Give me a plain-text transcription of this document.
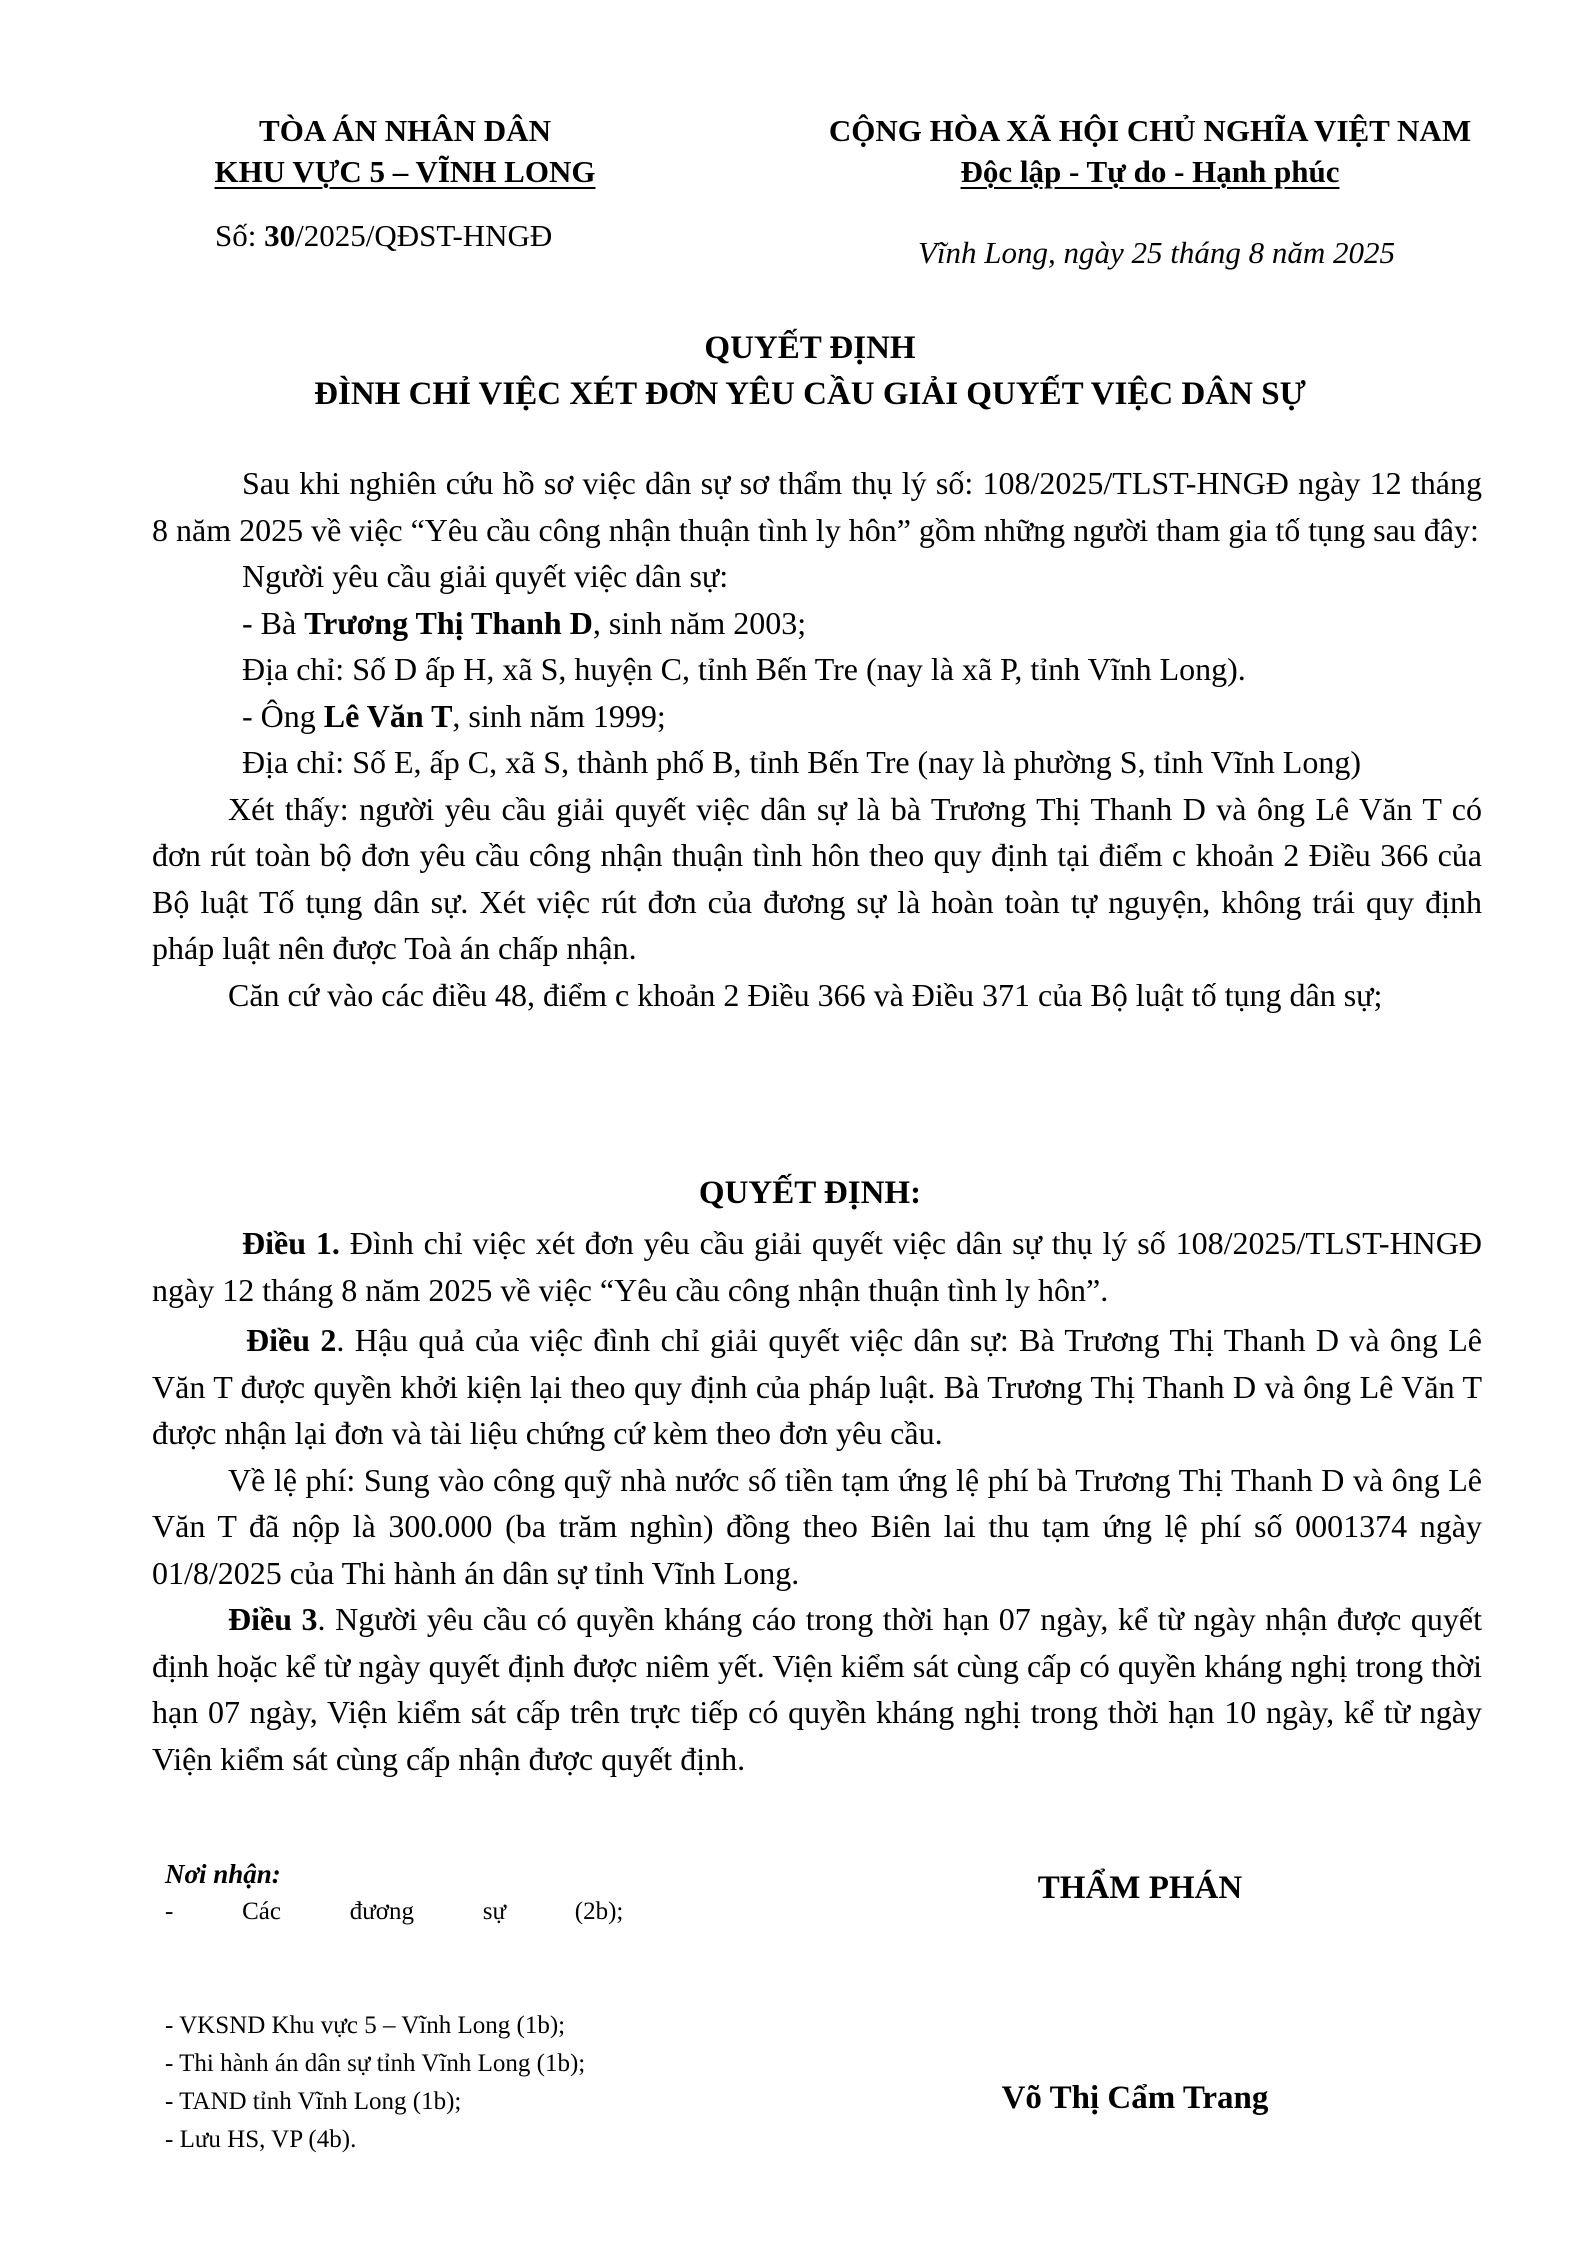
TÒA ÁN NHÂN DÂN
KHU VỰC 5 – VĨNH LONG
Số: 30/2025/QĐST-HNGĐ
CỘNG HÒA XÃ HỘI CHỦ NGHĨA VIỆT NAM
Độc lập - Tự do - Hạnh phúc
Vĩnh Long, ngày 25 tháng 8 năm 2025
QUYẾT ĐỊNH
ĐÌNH CHỈ VIỆC XÉT ĐƠN YÊU CẦU GIẢI QUYẾT VIỆC DÂN SỰ

Sau khi nghiên cứu hồ sơ việc dân sự sơ thẩm thụ lý số: 108/2025/TLST-HNGĐ ngày 12 tháng 8 năm 2025 về việc “Yêu cầu công nhận thuận tình ly hôn” gồm những người tham gia tố tụng sau đây:

Người yêu cầu giải quyết việc dân sự:

- Bà Trương Thị Thanh D, sinh năm 2003;

Địa chỉ: Số D ấp H, xã S, huyện C, tỉnh Bến Tre (nay là xã P, tỉnh Vĩnh Long).

- Ông Lê Văn T, sinh năm 1999;

Địa chỉ: Số E, ấp C, xã S, thành phố B, tỉnh Bến Tre (nay là phường S, tỉnh Vĩnh Long)

Xét thấy: người yêu cầu giải quyết việc dân sự là bà Trương Thị Thanh D và ông Lê Văn T có đơn rút toàn bộ đơn yêu cầu công nhận thuận tình hôn theo quy định tại điểm c khoản 2 Điều 366 của Bộ luật Tố tụng dân sự. Xét việc rút đơn của đương sự là hoàn toàn tự nguyện, không trái quy định pháp luật nên được Toà án chấp nhận.

Căn cứ vào các điều 48, điểm c khoản 2 Điều 366 và Điều 371 của Bộ luật tố tụng dân sự;

QUYẾT ĐỊNH:

Điều 1. Đình chỉ việc xét đơn yêu cầu giải quyết việc dân sự thụ lý số 108/2025/TLST-HNGĐ ngày 12 tháng 8 năm 2025 về việc “Yêu cầu công nhận thuận tình ly hôn”.

Điều 2. Hậu quả của việc đình chỉ giải quyết việc dân sự: Bà Trương Thị Thanh D và ông Lê Văn T được quyền khởi kiện lại theo quy định của pháp luật. Bà Trương Thị Thanh D và ông Lê Văn T được nhận lại đơn và tài liệu chứng cứ kèm theo đơn yêu cầu.

Về lệ phí: Sung vào công quỹ nhà nước số tiền tạm ứng lệ phí bà Trương Thị Thanh D và ông Lê Văn T đã nộp là 300.000 (ba trăm nghìn) đồng theo Biên lai thu tạm ứng lệ phí số 0001374 ngày 01/8/2025 của Thi hành án dân sự tỉnh Vĩnh Long.

Điều 3. Người yêu cầu có quyền kháng cáo trong thời hạn 07 ngày, kể từ ngày nhận được quyết định hoặc kể từ ngày quyết định được niêm yết. Viện kiểm sát cùng cấp có quyền kháng nghị trong thời hạn 07 ngày, Viện kiểm sát cấp trên trực tiếp có quyền kháng nghị trong thời hạn 10 ngày, kể từ ngày Viện kiểm sát cùng cấp nhận được quyết định.

Nơi nhận:
-           Các           đương           sự           (2b);
- VKSND Khu vực 5 – Vĩnh Long (1b);
- Thi hành án dân sự tỉnh Vĩnh Long (1b);
- TAND tỉnh Vĩnh Long (1b);
- Lưu HS, VP (4b).
THẨM PHÁN
Võ Thị Cẩm Trang
